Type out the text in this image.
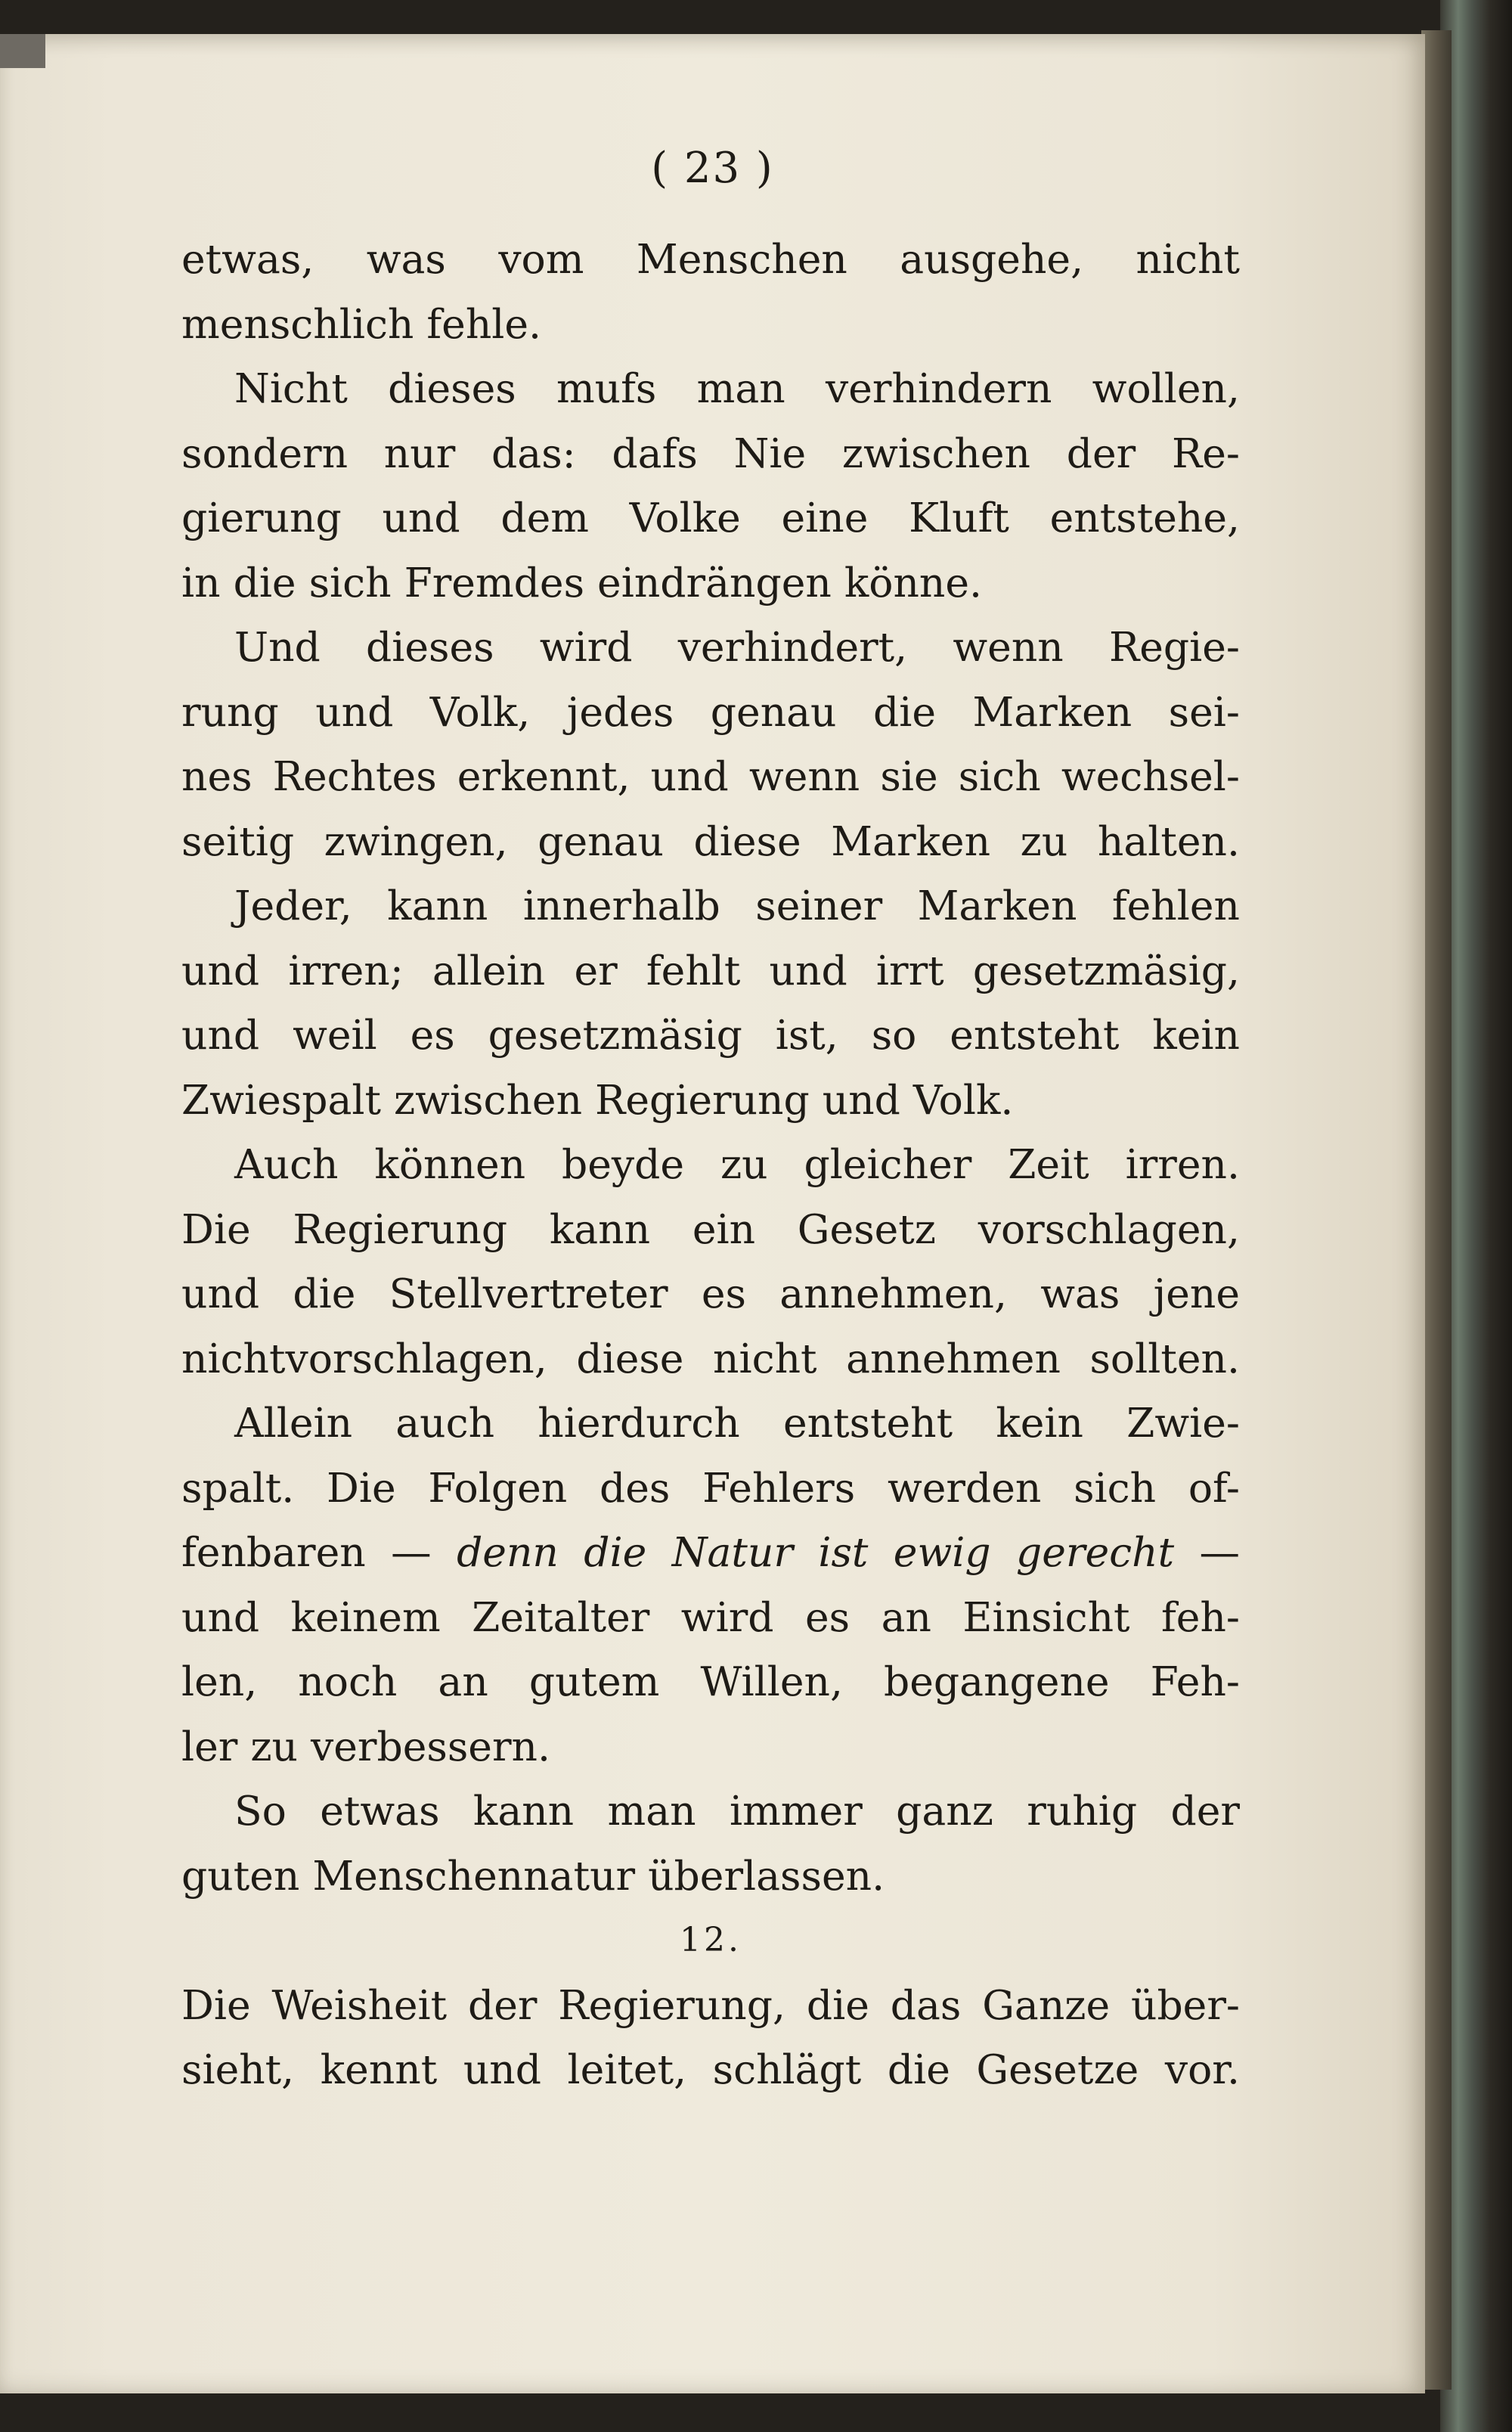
( 23 )
etwas, was vom Menschen ausgehe, nicht
menschlich fehle.
Nicht dieses mufs man verhindern wollen,
sondern nur das: dafs Nie zwischen der Re-
gierung und dem Volke eine Kluft entstehe,
in die sich Fremdes eindrängen könne.
Und dieses wird verhindert, wenn Regie-
rung und Volk, jedes genau die Marken sei-
nes Rechtes erkennt, und wenn sie sich wechsel-
seitig zwingen, genau diese Marken zu halten.
Jeder, kann innerhalb seiner Marken fehlen
und irren; allein er fehlt und irrt gesetzmäsig,
und weil es gesetzmäsig ist, so entsteht kein
Zwiespalt zwischen Regierung und Volk.
Auch können beyde zu gleicher Zeit irren.
Die Regierung kann ein Gesetz vorschlagen,
und die Stellvertreter es annehmen, was jene
nichtvorschlagen, diese nicht annehmen sollten.
Allein auch hierdurch entsteht kein Zwie-
spalt. Die Folgen des Fehlers werden sich of-
fenbaren — denn die Natur ist ewig gerecht —
und keinem Zeitalter wird es an Einsicht feh-
len, noch an gutem Willen, begangene Feh-
ler zu verbessern.
So etwas kann man immer ganz ruhig der
guten Menschennatur überlassen.
12.
Die Weisheit der Regierung, die das Ganze über-
sieht, kennt und leitet, schlägt die Gesetze vor.
